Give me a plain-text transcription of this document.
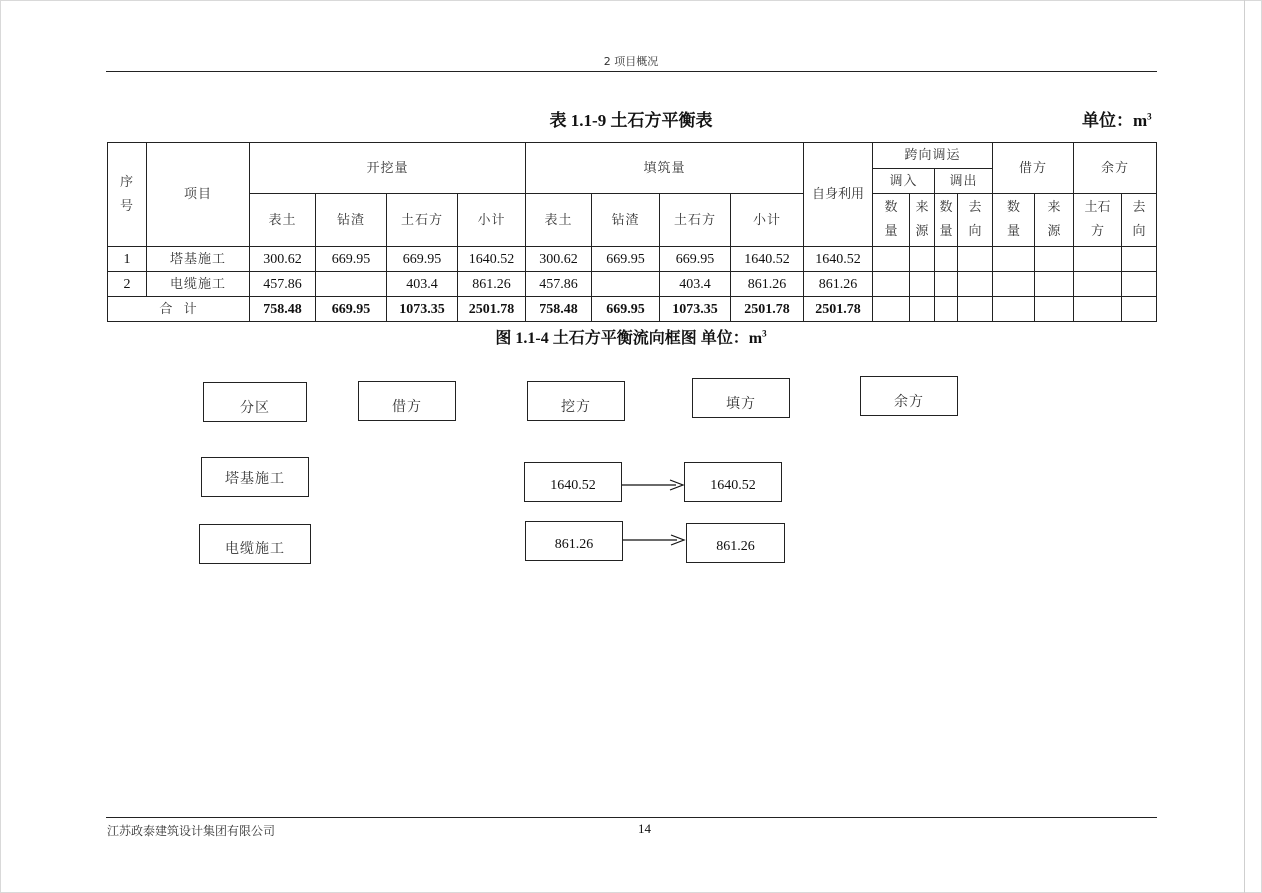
2 项目概况
表 1.1-9 土石方平衡表	单位：$m^3$
序号	项目	开挖量				填筑量				自身利用	跨向调运				借方		余方	
											调入		调出					
		表土	钻渣	土石方	小计	表土	钻渣	土石方	小计		数量	来源	数量	去向	数量	来源	土石方	去向
1	塔基施工	300.62	669.95	669.95	1640.52	300.62	669.95	669.95	1640.52	1640.52								
2	电缆施工	457.86		403.4	861.26	457.86		403.4	861.26	861.26								
合  计		758.48	669.95	1073.35	2501.78	758.48	669.95	1073.35	2501.78	2501.78								
图 1.1-4 土石方平衡流向框图 单位：$m^3$
分区	借方	挖方	填方	余方
塔基施工
电缆施工
1640.52	1640.52
861.26	861.26
江苏政泰建筑设计集团有限公司	14
